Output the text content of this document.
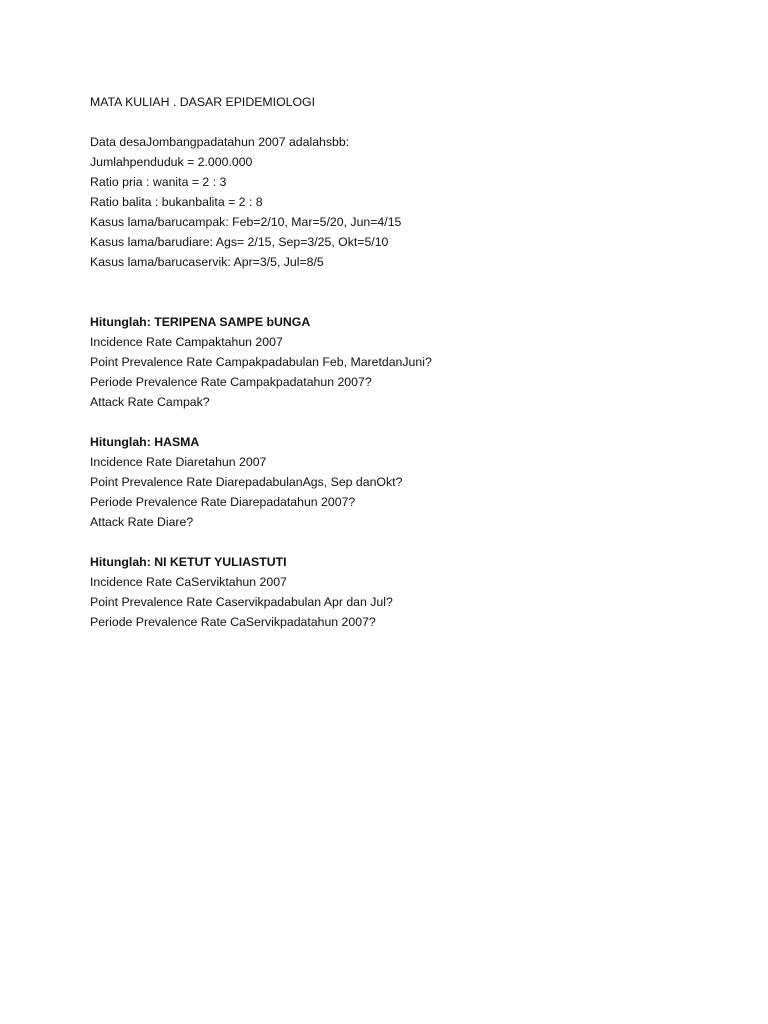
MATA KULIAH . DASAR EPIDEMIOLOGI
Data desaJombangpadatahun 2007 adalahsbb:
Jumlahpenduduk = 2.000.000
Ratio pria : wanita = 2 : 3
Ratio balita : bukanbalita = 2 : 8
Kasus lama/barucampak: Feb=2/10, Mar=5/20, Jun=4/15
Kasus lama/barudiare: Ags= 2/15, Sep=3/25, Okt=5/10
Kasus lama/barucaservik: Apr=3/5, Jul=8/5
Hitunglah: TERIPENA SAMPE bUNGA
Incidence Rate Campaktahun 2007
Point Prevalence Rate Campakpadabulan Feb, MaretdanJuni?
Periode Prevalence Rate Campakpadatahun 2007?
Attack Rate Campak?
Hitunglah: HASMA
Incidence Rate Diaretahun 2007
Point Prevalence Rate DiarepadabulanAgs, Sep danOkt?
Periode Prevalence Rate Diarepadatahun 2007?
Attack Rate Diare?
Hitunglah: NI KETUT YULIASTUTI
Incidence Rate CaServiktahun 2007
Point Prevalence Rate Caservikpadabulan Apr dan Jul?
Periode Prevalence Rate CaServikpadatahun 2007?
